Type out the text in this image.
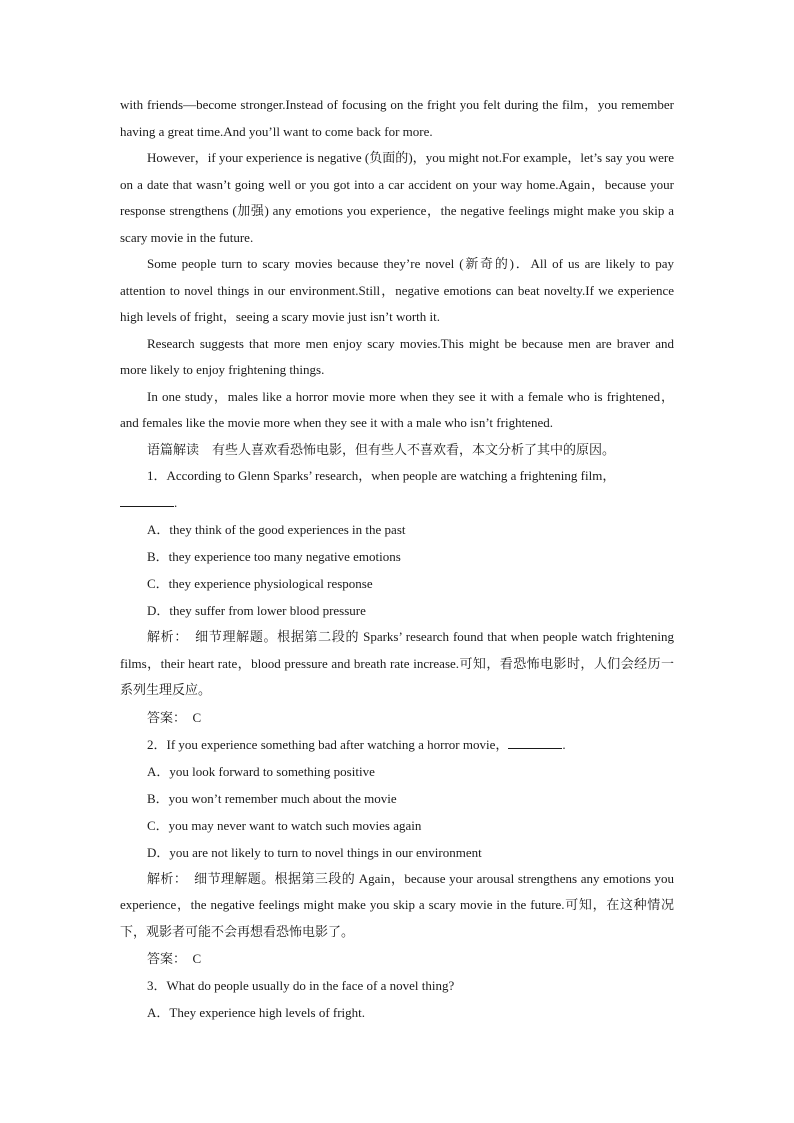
with friends—become stronger.Instead of focusing on the fright you felt during the film，you remember having a great time.And you’ll want to come back for more.

However，if your experience is negative (负面的)，you might not.For example，let’s say you were on a date that wasn’t going well or you got into a car accident on your way home.Again，because your response strengthens (加强) any emotions you experience，the negative feelings might make you skip a scary movie in the future.

Some people turn to scary movies because they’re novel (新奇的)．All of us are likely to pay attention to novel things in our environment.Still，negative emotions can beat novelty.If we experience high levels of fright，seeing a scary movie just isn’t worth it.

Research suggests that more men enjoy scary movies.This might be because men are braver and more likely to enjoy frightening things.

In one study，males like a horror movie more when they see it with a female who is frightened，and females like the movie more when they see it with a male who isn’t frightened.

语篇解读　有些人喜欢看恐怖电影，但有些人不喜欢看，本文分析了其中的原因。

1．According to Glenn Sparks’ research，when people are watching a frightening film，
.

A．they think of the good experiences in the past

B．they experience too many negative emotions

C．they experience physiological response

D．they suffer from lower blood pressure

解析：　细节理解题。根据第二段的 Sparks’ research found that when people watch frightening films，their heart rate，blood pressure and breath rate increase.可知，看恐怖电影时，人们会经历一系列生理反应。

答案：　C

2．If you experience something bad after watching a horror movie，	.

A．you look forward to something positive

B．you won’t remember much about the movie

C．you may never want to watch such movies again

D．you are not likely to turn to novel things in our environment

解析：　细节理解题。根据第三段的 Again，because your arousal strengthens any emotions you experience，the negative feelings might make you skip a scary movie in the future.可知，在这种情况下，观影者可能不会再想看恐怖电影了。

答案：　C

3．What do people usually do in the face of a novel thing?

A．They experience high levels of fright.
